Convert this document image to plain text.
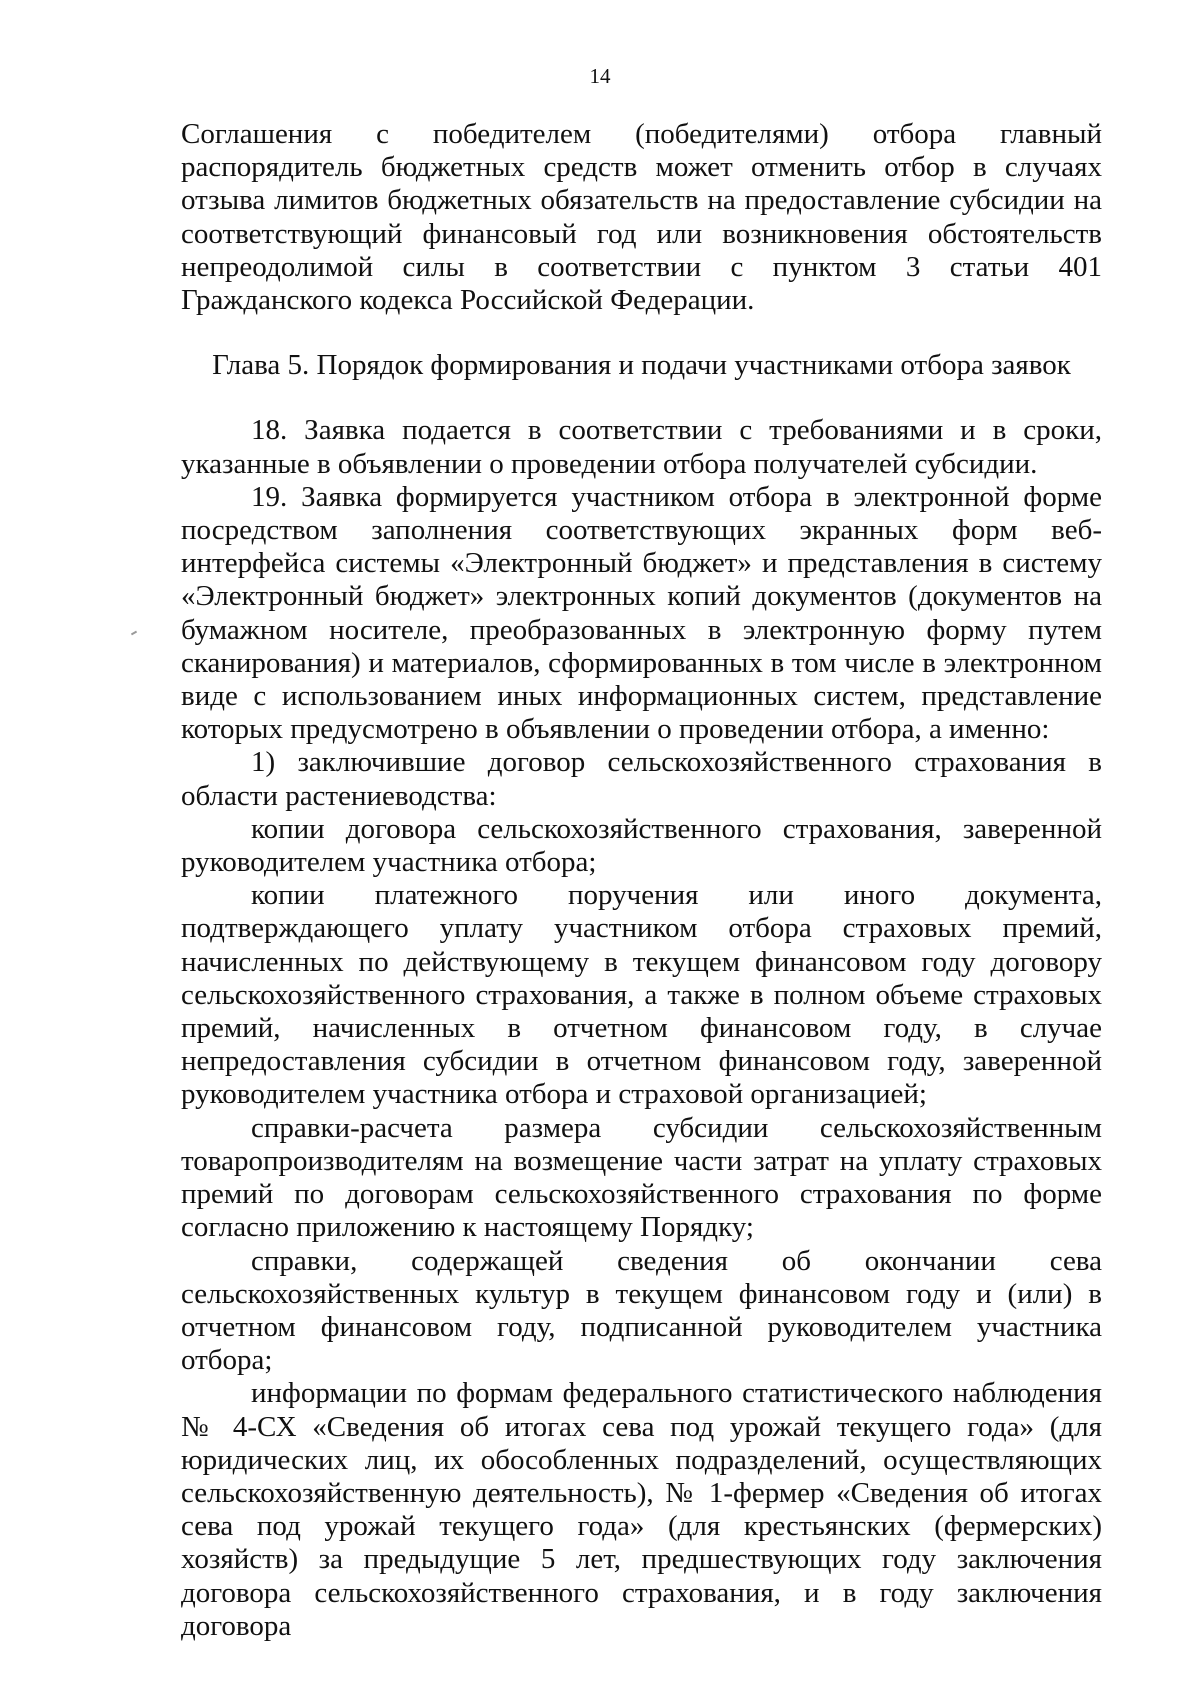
14

Соглашения с победителем (победителями) отбора главный распорядитель бюджетных средств может отменить отбор в случаях отзыва лимитов бюджетных обязательств на предоставление субсидии на соответствующий финансовый год или возникновения обстоятельств непреодолимой силы в соответствии с пунктом 3 статьи 401 Гражданского кодекса Российской Федерации.

Глава 5. Порядок формирования и подачи участниками отбора заявок

18. Заявка подается в соответствии с требованиями и в сроки, указанные в объявлении о проведении отбора получателей субсидии.

19. Заявка формируется участником отбора в электронной форме посредством заполнения соответствующих экранных форм веб-интерфейса системы «Электронный бюджет» и представления в систему «Электронный бюджет» электронных копий документов (документов на бумажном носителе, преобразованных в электронную форму путем сканирования) и материалов, сформированных в том числе в электронном виде с использованием иных информационных систем, представление которых предусмотрено в объявлении о проведении отбора, а именно:

1) заключившие договор сельскохозяйственного страхования в области растениеводства:

копии договора сельскохозяйственного страхования, заверенной руководителем участника отбора;

копии платежного поручения или иного документа, подтверждающего уплату участником отбора страховых премий, начисленных по действующему в текущем финансовом году договору сельскохозяйственного страхования, а также в полном объеме страховых премий, начисленных в отчетном финансовом году, в случае непредоставления субсидии в отчетном финансовом году, заверенной руководителем участника отбора и страховой организацией;

справки-расчета размера субсидии сельскохозяйственным товаропроизводителям на возмещение части затрат на уплату страховых премий по договорам сельскохозяйственного страхования по форме согласно приложению к настоящему Порядку;

справки, содержащей сведения об окончании сева сельскохозяйственных культур в текущем финансовом году и (или) в отчетном финансовом году, подписанной руководителем участника отбора;

информации по формам федерального статистического наблюдения № 4-СХ «Сведения об итогах сева под урожай текущего года» (для юридических лиц, их обособленных подразделений, осуществляющих сельскохозяйственную деятельность), № 1-фермер «Сведения об итогах сева под урожай текущего года» (для крестьянских (фермерских) хозяйств) за предыдущие 5 лет, предшествующих году заключения договора сельскохозяйственного страхования, и в году заключения договора
